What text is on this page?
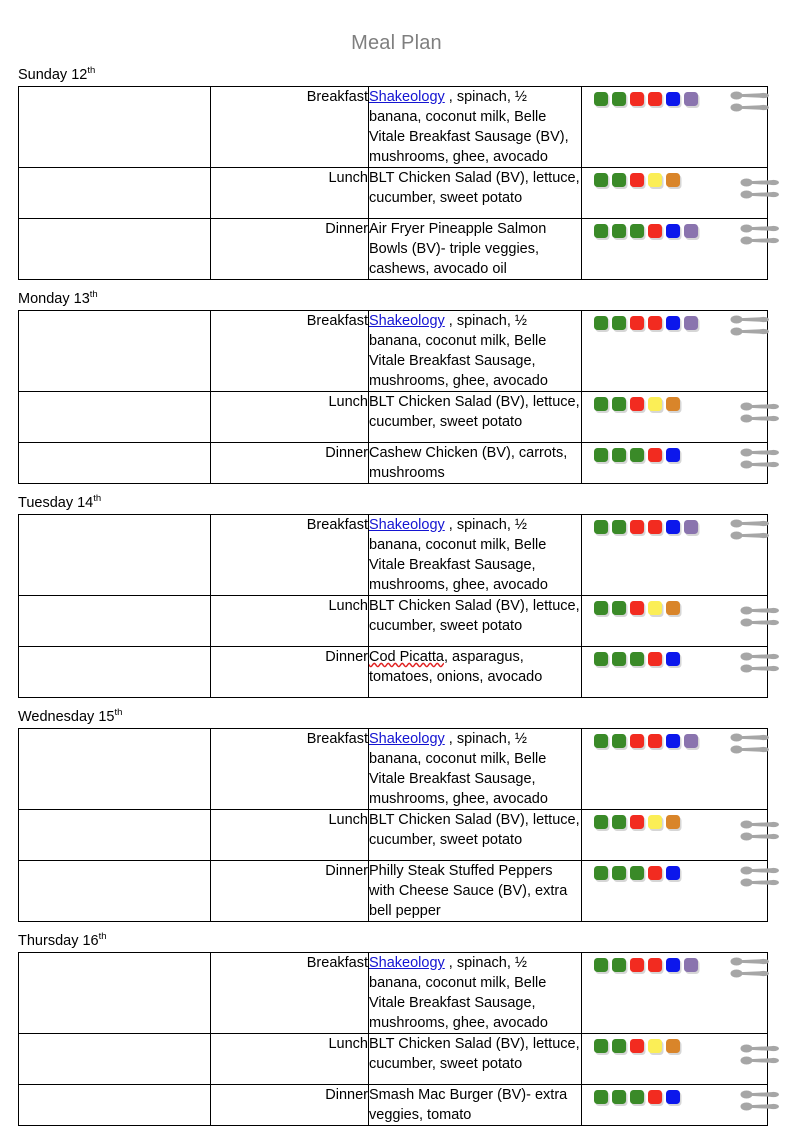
Meal Plan
Sunday 12th
	Breakfast	Shakeology , spinach, ½ banana, coconut milk, Belle Vitale Breakfast Sausage (BV), mushrooms, ghee, avocado	

	Lunch	BLT Chicken Salad (BV), lettuce, cucumber, sweet potato	

	Dinner	Air Fryer Pineapple Salmon Bowls (BV)- triple veggies, cashews, avocado oil	
Monday 13th
	Breakfast	Shakeology , spinach, ½ banana, coconut milk, Belle Vitale Breakfast Sausage, mushrooms, ghee, avocado	

	Lunch	BLT Chicken Salad (BV), lettuce, cucumber, sweet potato	

	Dinner	Cashew Chicken (BV), carrots, mushrooms	
Tuesday 14th
	Breakfast	Shakeology , spinach, ½ banana, coconut milk, Belle Vitale Breakfast Sausage, mushrooms, ghee, avocado	

	Lunch	BLT Chicken Salad (BV), lettuce, cucumber, sweet potato	

	Dinner	Cod Picatta, asparagus, tomatoes, onions, avocado	
Wednesday 15th
	Breakfast	Shakeology , spinach, ½ banana, coconut milk, Belle Vitale Breakfast Sausage, mushrooms, ghee, avocado	

	Lunch	BLT Chicken Salad (BV), lettuce, cucumber, sweet potato	

	Dinner	Philly Steak Stuffed Peppers with Cheese Sauce (BV), extra bell pepper	
Thursday 16th
	Breakfast	Shakeology , spinach, ½ banana, coconut milk, Belle Vitale Breakfast Sausage, mushrooms, ghee, avocado	

	Lunch	BLT Chicken Salad (BV), lettuce, cucumber, sweet potato	

	Dinner	Smash Mac Burger (BV)- extra veggies, tomato	
